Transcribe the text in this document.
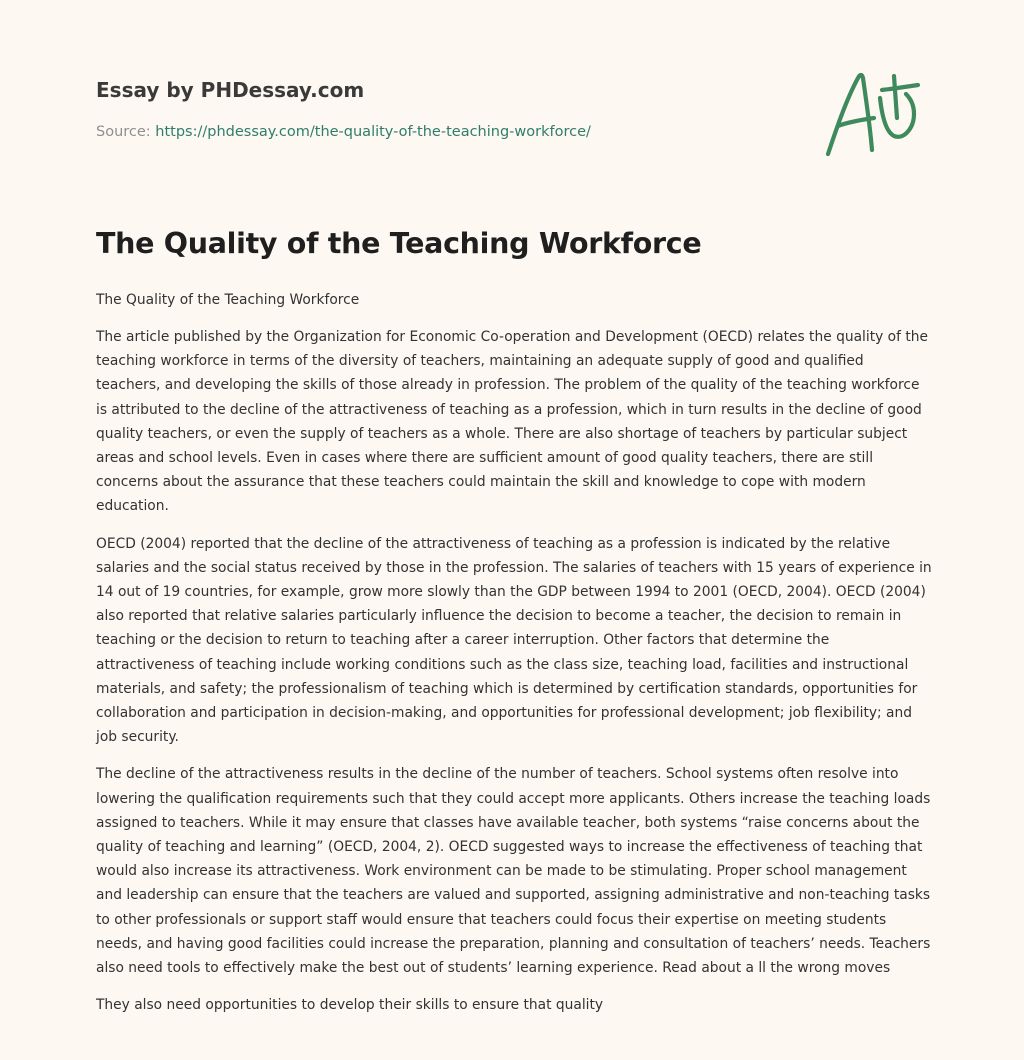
Essay by PHDessay.com

Source: https://phdessay.com/the-quality-of-the-teaching-workforce/

The Quality of the Teaching Workforce

The Quality of the Teaching Workforce

The article published by the Organization for Economic Co-operation and Development (OECD) relates the quality of the teaching workforce in terms of the diversity of teachers, maintaining an adequate supply of good and qualified teachers, and developing the skills of those already in profession. The problem of the quality of the teaching workforce is attributed to the decline of the attractiveness of teaching as a profession, which in turn results in the decline of good quality teachers, or even the supply of teachers as a whole. There are also shortage of teachers by particular subject areas and school levels. Even in cases where there are sufficient amount of good quality teachers, there are still concerns about the assurance that these teachers could maintain the skill and knowledge to cope with modern education.

OECD (2004) reported that the decline of the attractiveness of teaching as a profession is indicated by the relative salaries and the social status received by those in the profession. The salaries of teachers with 15 years of experience in 14 out of 19 countries, for example, grow more slowly than the GDP between 1994 to 2001 (OECD, 2004). OECD (2004) also reported that relative salaries particularly influence the decision to become a teacher, the decision to remain in teaching or the decision to return to teaching after a career interruption. Other factors that determine the attractiveness of teaching include working conditions such as the class size, teaching load, facilities and instructional materials, and safety; the professionalism of teaching which is determined by certification standards, opportunities for collaboration and participation in decision-making, and opportunities for professional development; job flexibility; and job security.

The decline of the attractiveness results in the decline of the number of teachers. School systems often resolve into lowering the qualification requirements such that they could accept more applicants. Others increase the teaching loads assigned to teachers. While it may ensure that classes have available teacher, both systems “raise concerns about the quality of teaching and learning” (OECD, 2004, 2). OECD suggested ways to increase the effectiveness of teaching that would also increase its attractiveness. Work environment can be made to be stimulating. Proper school management and leadership can ensure that the teachers are valued and supported, assigning administrative and non-teaching tasks to other professionals or support staff would ensure that teachers could focus their expertise on meeting students needs, and having good facilities could increase the preparation, planning and consultation of teachers’ needs. Teachers also need tools to effectively make the best out of students’ learning experience. Read about a ll the wrong moves

They also need opportunities to develop their skills to ensure that quality
